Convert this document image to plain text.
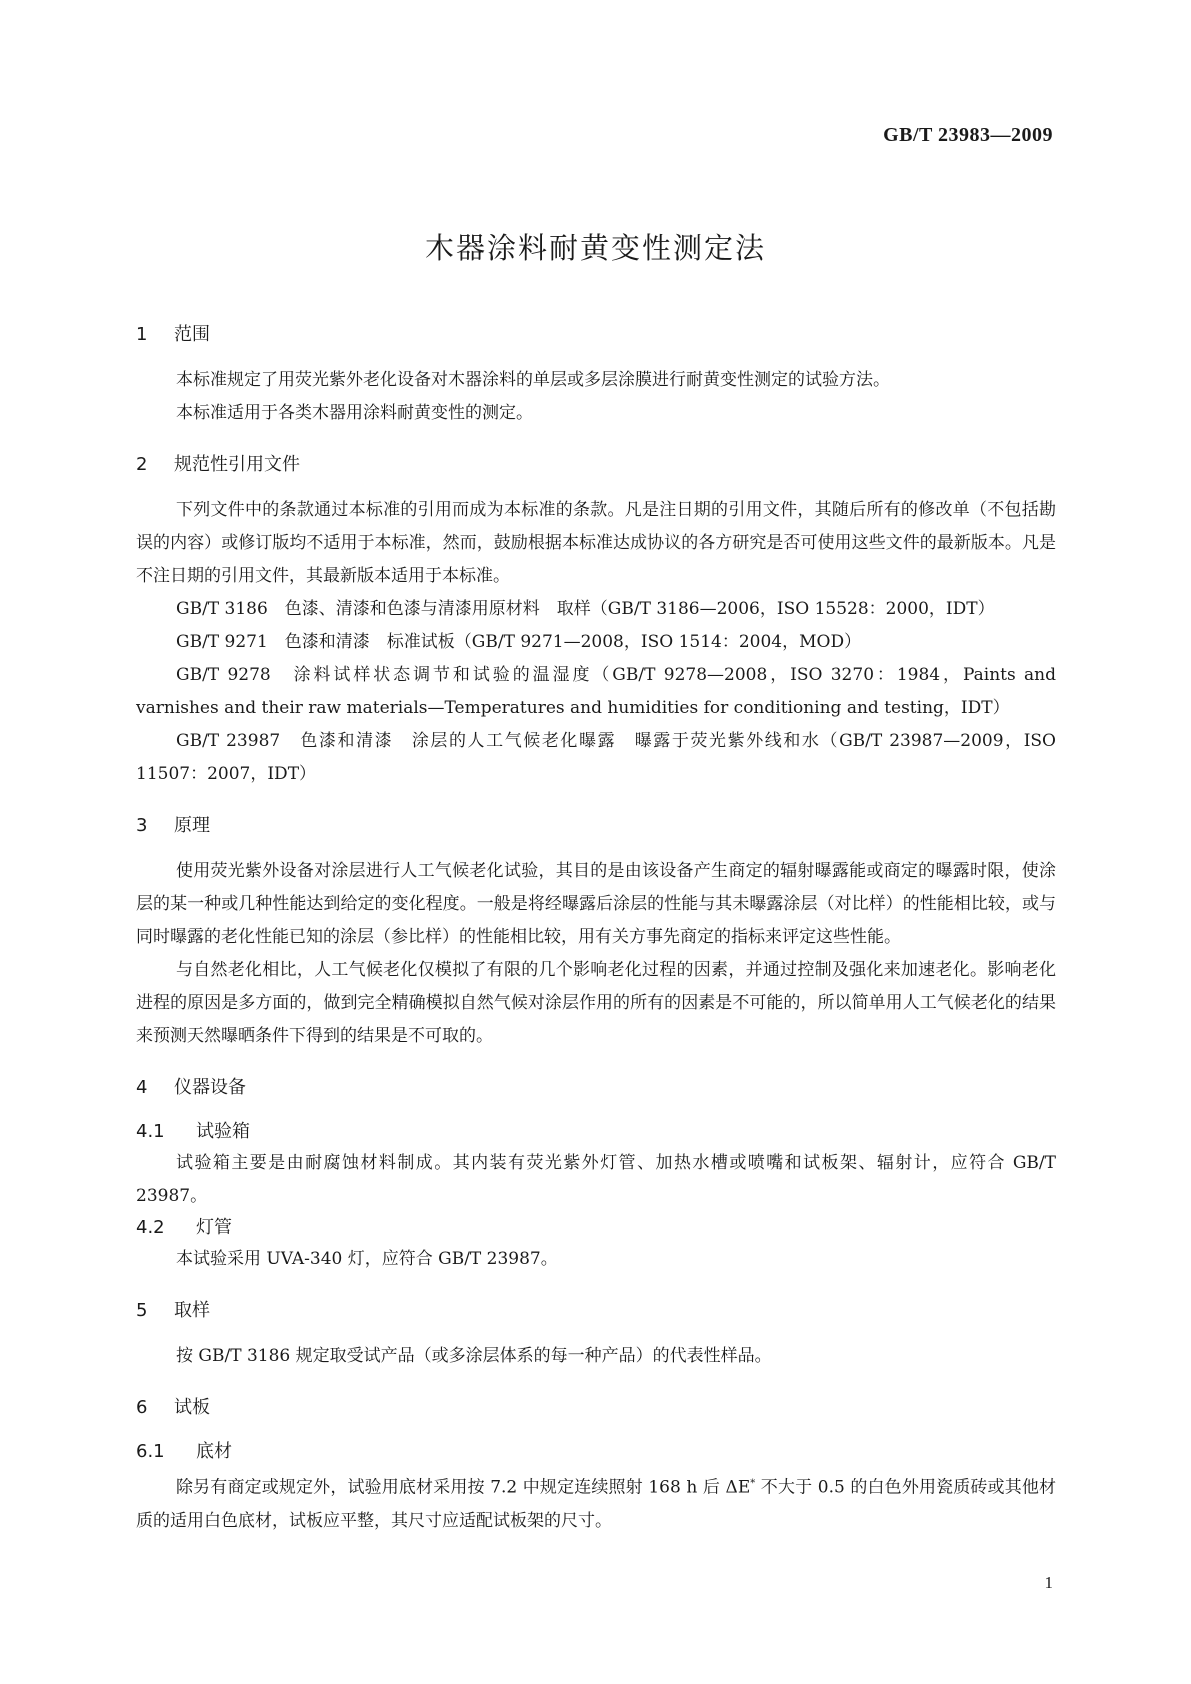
GB/T 23983—2009
木器涂料耐黄变性测定法
1 范围

本标准规定了用荧光紫外老化设备对木器涂料的单层或多层涂膜进行耐黄变性测定的试验方法。

本标准适用于各类木器用涂料耐黄变性的测定。

2 规范性引用文件

下列文件中的条款通过本标准的引用而成为本标准的条款。凡是注日期的引用文件，其随后所有的修改单（不包括勘误的内容）或修订版均不适用于本标准，然而，鼓励根据本标准达成协议的各方研究是否可使用这些文件的最新版本。凡是不注日期的引用文件，其最新版本适用于本标准。

GB/T 3186　色漆、清漆和色漆与清漆用原材料　取样（GB/T 3186—2006，ISO 15528：2000，IDT）

GB/T 9271　色漆和清漆　标准试板（GB/T 9271—2008，ISO 1514：2004，MOD）

GB/T 9278　涂料试样状态调节和试验的温湿度（GB/T 9278—2008，ISO 3270：1984，Paints and varnishes and their raw materials—Temperatures and humidities for conditioning and testing，IDT）

GB/T 23987　色漆和清漆　涂层的人工气候老化曝露　曝露于荧光紫外线和水（GB/T 23987—2009，ISO 11507：2007，IDT）

3 原理

使用荧光紫外设备对涂层进行人工气候老化试验，其目的是由该设备产生商定的辐射曝露能或商定的曝露时限，使涂层的某一种或几种性能达到给定的变化程度。一般是将经曝露后涂层的性能与其未曝露涂层（对比样）的性能相比较，或与同时曝露的老化性能已知的涂层（参比样）的性能相比较，用有关方事先商定的指标来评定这些性能。

与自然老化相比，人工气候老化仅模拟了有限的几个影响老化过程的因素，并通过控制及强化来加速老化。影响老化进程的原因是多方面的，做到完全精确模拟自然气候对涂层作用的所有的因素是不可能的，所以简单用人工气候老化的结果来预测天然曝晒条件下得到的结果是不可取的。

4 仪器设备
4.1 试验箱

试验箱主要是由耐腐蚀材料制成。其内装有荧光紫外灯管、加热水槽或喷嘴和试板架、辐射计，应符合 GB/T 23987。

4.2 灯管

本试验采用 UVA-340 灯，应符合 GB/T 23987。

5 取样

按 GB/T 3186 规定取受试产品（或多涂层体系的每一种产品）的代表性样品。

6 试板
6.1 底材

除另有商定或规定外，试验用底材采用按 7.2 中规定连续照射 168 h 后 ΔE* 不大于 0.5 的白色外用瓷质砖或其他材质的适用白色底材，试板应平整，其尺寸应适配试板架的尺寸。

1
